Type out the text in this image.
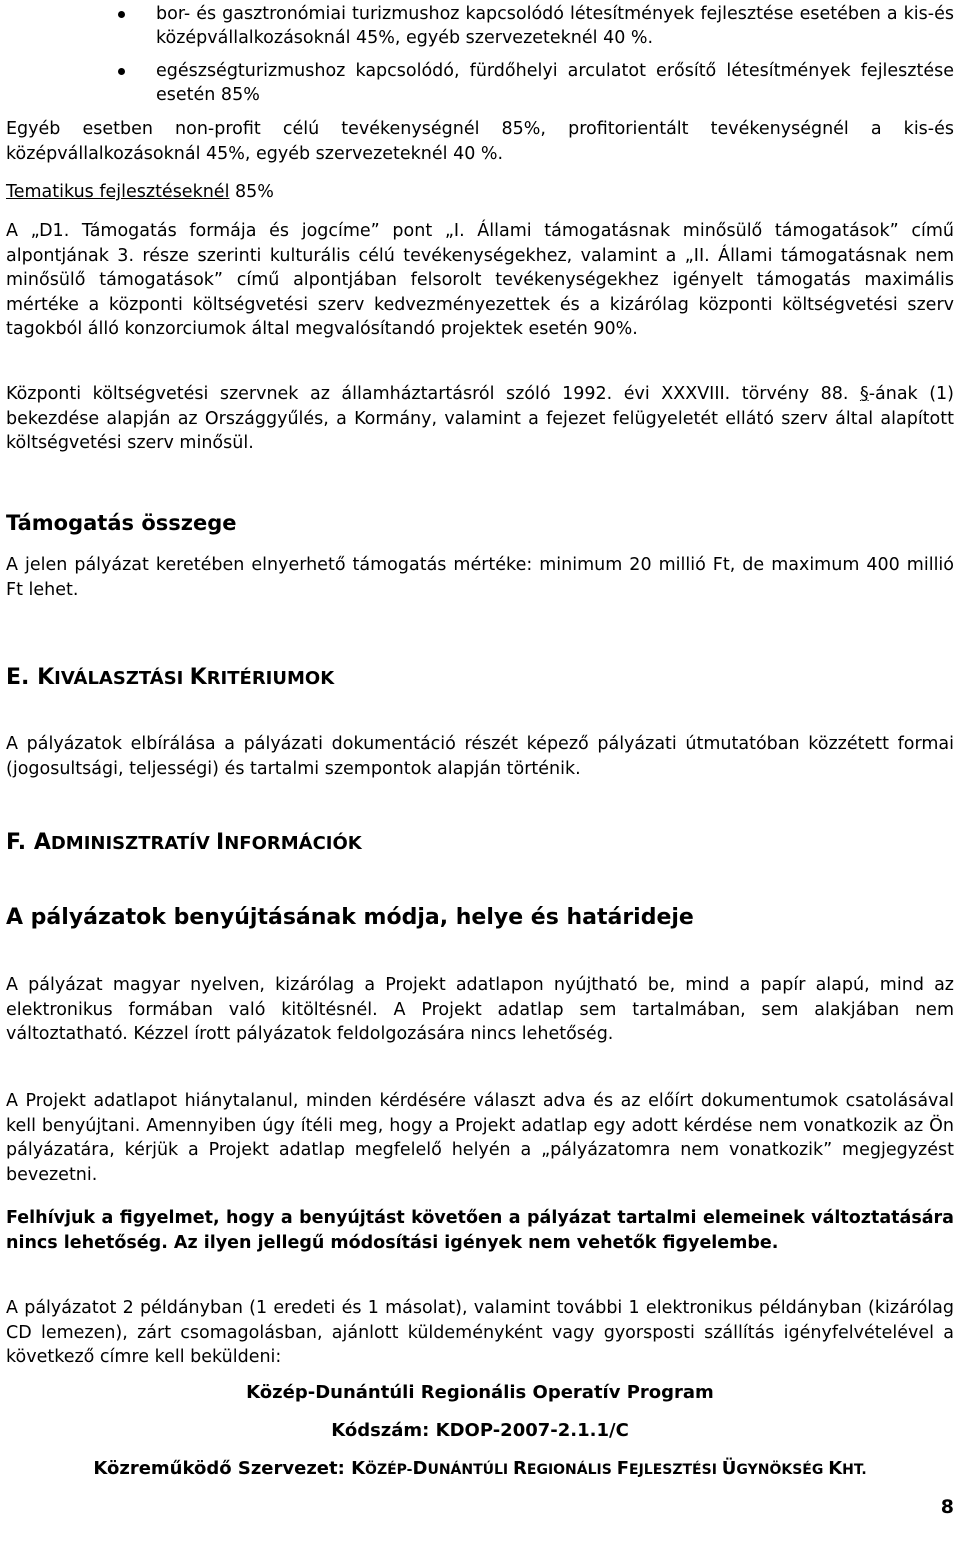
bor- és gasztronómiai turizmushoz kapcsolódó létesítmények fejlesztése esetében a kis-és középvállalkozásoknál 45%, egyéb szervezeteknél 40 %.
egészségturizmushoz kapcsolódó, fürdőhelyi arculatot erősítő létesítmények fejlesztése esetén 85%

Egyéb esetben non-profit célú tevékenységnél 85%, profitorientált tevékenységnél a kis-és középvállalkozásoknál 45%, egyéb szervezeteknél 40 %.

Tematikus fejlesztéseknél 85%

A „D1. Támogatás formája és jogcíme” pont „I. Állami támogatásnak minősülő támogatások” című alpontjának 3. része szerinti kulturális célú tevékenységekhez, valamint a „II. Állami támogatásnak nem minősülő támogatások” című alpontjában felsorolt tevékenységekhez igényelt támogatás maximális mértéke a központi költségvetési szerv kedvezményezettek és a kizárólag központi költségvetési szerv tagokból álló konzorciumok által megvalósítandó projektek esetén 90%.

Központi költségvetési szervnek az államháztartásról szóló 1992. évi XXXVIII. törvény 88. §-ának (1) bekezdése alapján az Országgyűlés, a Kormány, valamint a fejezet felügyeletét ellátó szerv által alapított költségvetési szerv minősül.

Támogatás összege

A jelen pályázat keretében elnyerhető támogatás mértéke: minimum 20 millió Ft, de maximum 400 millió Ft lehet.

E. KIVÁLASZTÁSI KRITÉRIUMOK

A pályázatok elbírálása a pályázati dokumentáció részét képező pályázati útmutatóban közzétett formai (jogosultsági, teljességi) és tartalmi szempontok alapján történik.

F. ADMINISZTRATÍV INFORMÁCIÓK
A pályázatok benyújtásának módja, helye és határideje

A pályázat magyar nyelven, kizárólag a Projekt adatlapon nyújtható be, mind a papír alapú, mind az elektronikus formában való kitöltésnél. A Projekt adatlap sem tartalmában, sem alakjában nem változtatható. Kézzel írott pályázatok feldolgozására nincs lehetőség.

A Projekt adatlapot hiánytalanul, minden kérdésére választ adva és az előírt dokumentumok csatolásával kell benyújtani. Amennyiben úgy ítéli meg, hogy a Projekt adatlap egy adott kérdése nem vonatkozik az Ön pályázatára, kérjük a Projekt adatlap megfelelő helyén a „pályázatomra nem vonatkozik” megjegyzést bevezetni.

Felhívjuk a figyelmet, hogy a benyújtást követően a pályázat tartalmi elemeinek változtatására nincs lehetőség. Az ilyen jellegű módosítási igények nem vehetők figyelembe.

A pályázatot 2 példányban (1 eredeti és 1 másolat), valamint további 1 elektronikus példányban (kizárólag CD lemezen), zárt csomagolásban, ajánlott küldeményként vagy gyorsposti szállítás igényfelvételével a következő címre kell beküldeni:

Közép-Dunántúli Regionális Operatív Program

Kódszám: KDOP-2007-2.1.1/C

Közreműködő Szervezet: KÖZÉP-DUNÁNTÚLI REGIONÁLIS FEJLESZTÉSI ÜGYNÖKSÉG KHT.

8
